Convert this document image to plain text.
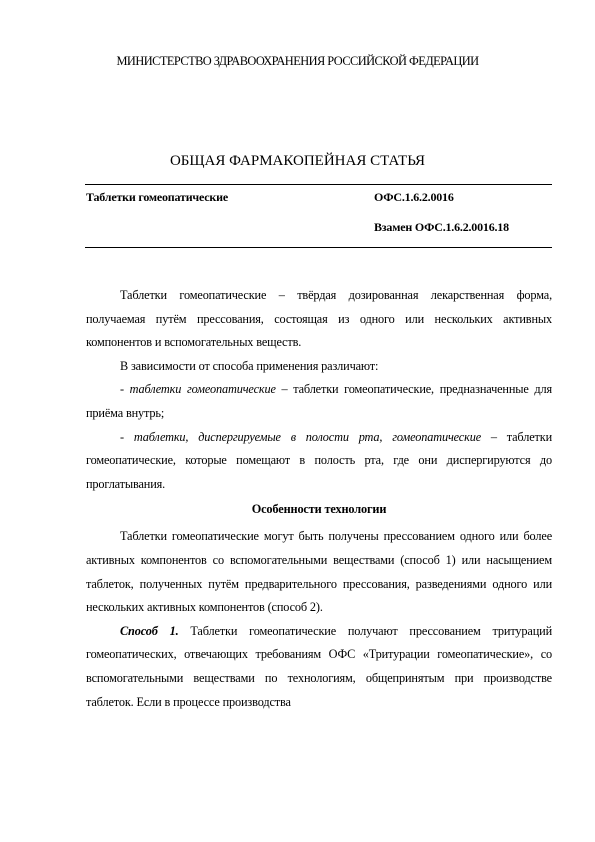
МИНИСТЕРСТВО ЗДРАВООХРАНЕНИЯ РОССИЙСКОЙ ФЕДЕРАЦИИ
ОБЩАЯ ФАРМАКОПЕЙНАЯ СТАТЬЯ
Таблетки гомеопатические	ОФС.1.6.2.0016
Взамен ОФС.1.6.2.0016.18

Таблетки гомеопатические – твёрдая дозированная лекарственная форма, получаемая путём прессования, состоящая из одного или нескольких активных компонентов и вспомогательных веществ.

В зависимости от способа применения различают:

- таблетки гомеопатические – таблетки гомеопатические, предназначенные для приёма внутрь;

- таблетки, диспергируемые в полости рта, гомеопатические – таблетки гомеопатические, которые помещают в полость рта, где они диспергируются до проглатывания.

Особенности технологии

Таблетки гомеопатические могут быть получены прессованием одного или более активных компонентов со вспомогательными веществами (способ 1) или насыщением таблеток, полученных путём предварительного прессования, разведениями одного или нескольких активных компонентов (способ 2).

Способ 1. Таблетки гомеопатические получают прессованием тритураций гомеопатических, отвечающих требованиям ОФС «Тритурации гомеопатические», со вспомогательными веществами по технологиям, общепринятым при производстве таблеток. Если в процессе производства
